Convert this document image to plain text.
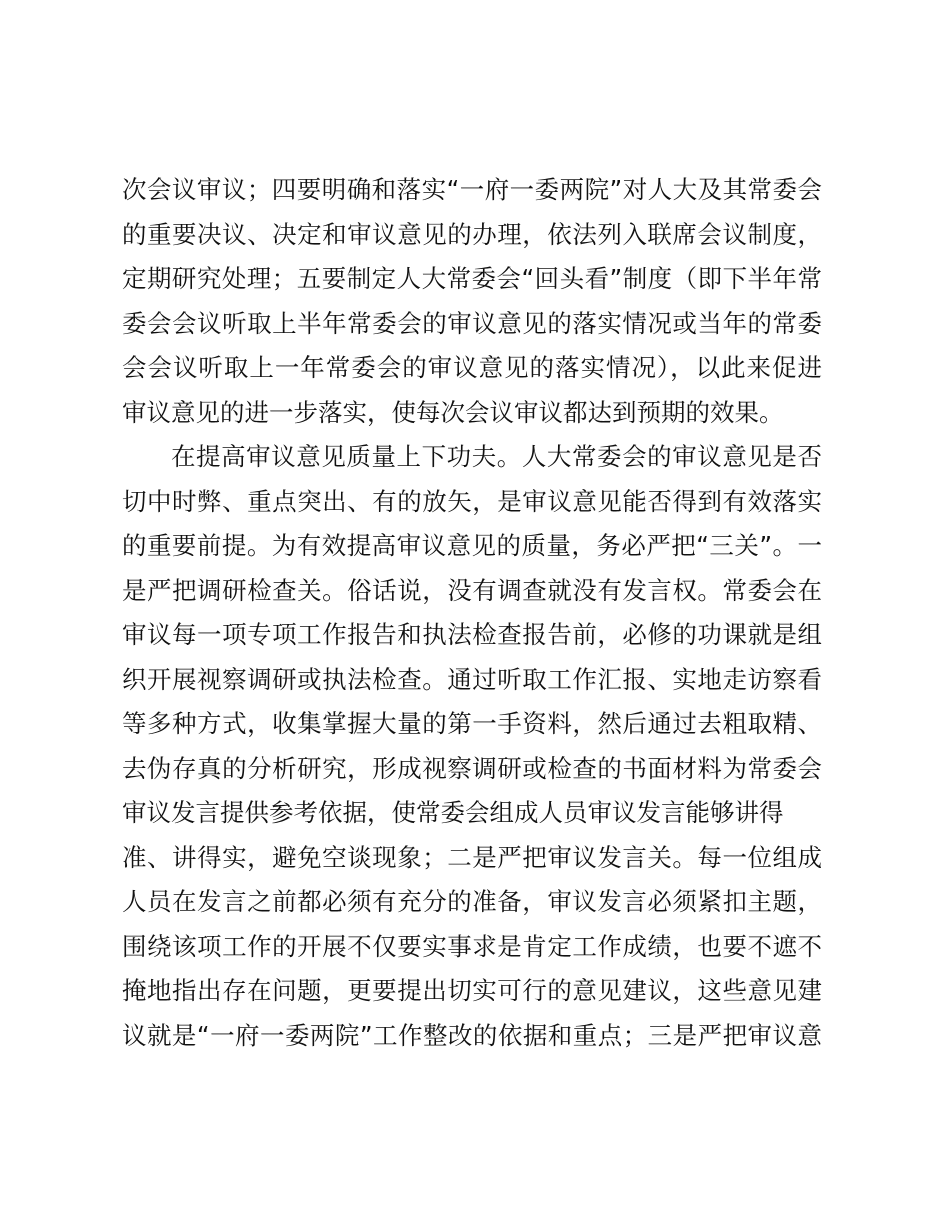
次会议审议；四要明确和落实“一府一委两院”对人大及其常委会
的重要决议、决定和审议意见的办理，依法列入联席会议制度，
定期研究处理；五要制定人大常委会“回头看”制度（即下半年常
委会会议听取上半年常委会的审议意见的落实情况或当年的常委
会会议听取上一年常委会的审议意见的落实情况），以此来促进
审议意见的进一步落实，使每次会议审议都达到预期的效果。
在提高审议意见质量上下功夫。人大常委会的审议意见是否
切中时弊、重点突出、有的放矢，是审议意见能否得到有效落实
的重要前提。为有效提高审议意见的质量，务必严把“三关”。一
是严把调研检查关。俗话说，没有调查就没有发言权。常委会在
审议每一项专项工作报告和执法检查报告前，必修的功课就是组
织开展视察调研或执法检查。通过听取工作汇报、实地走访察看
等多种方式，收集掌握大量的第一手资料，然后通过去粗取精、
去伪存真的分析研究，形成视察调研或检查的书面材料为常委会
审议发言提供参考依据，使常委会组成人员审议发言能够讲得
准、讲得实，避免空谈现象；二是严把审议发言关。每一位组成
人员在发言之前都必须有充分的准备，审议发言必须紧扣主题，
围绕该项工作的开展不仅要实事求是肯定工作成绩，也要不遮不
掩地指出存在问题，更要提出切实可行的意见建议，这些意见建
议就是“一府一委两院”工作整改的依据和重点；三是严把审议意
